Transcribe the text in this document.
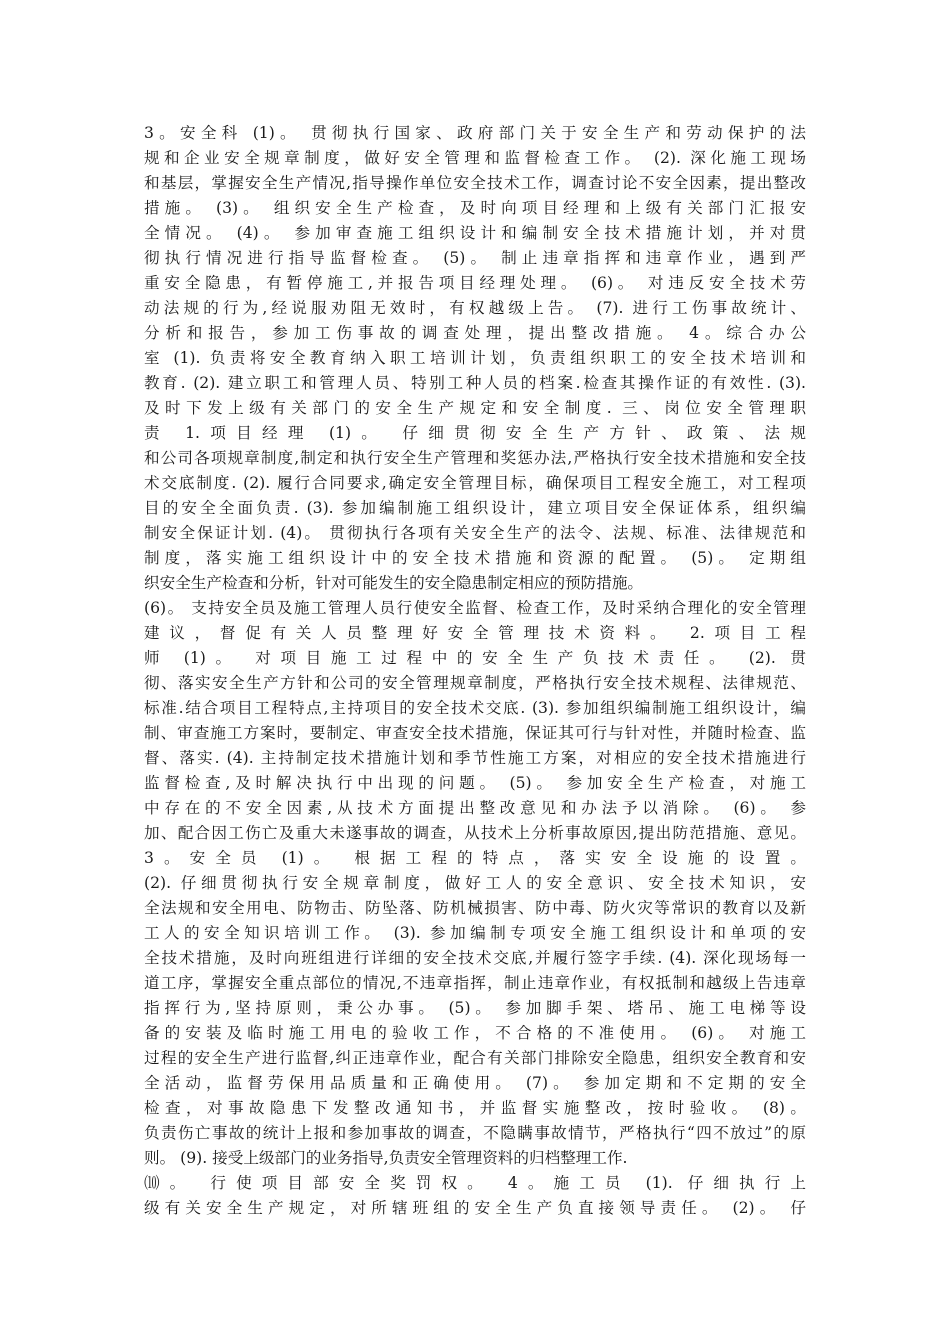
3。安全科 (1)。 贯彻执行国家、政府部门关于安全生产和劳动保护的法
规和企业安全规章制度，做好安全管理和监督检查工作。 (2). 深化施工现场
和基层，掌握安全生产情况,指导操作单位安全技术工作，调查讨论不安全因素，提出整改
措施。 (3)。 组织安全生产检查，及时向项目经理和上级有关部门汇报安
全情况。 (4)。 参加审查施工组织设计和编制安全技术措施计划，并对贯
彻执行情况进行指导监督检查。 (5)。 制止违章指挥和违章作业，遇到严
重安全隐患，有暂停施工,并报告项目经理处理。 (6)。 对违反安全技术劳
动法规的行为,经说服劝阻无效时，有权越级上告。 (7). 进行工伤事故统计、
分析和报告，参加工伤事故的调查处理，提出整改措施。 4。综合办公
室 (1). 负责将安全教育纳入职工培训计划，负责组织职工的安全技术培训和
教育. (2). 建立职工和管理人员、特别工种人员的档案.检查其操作证的有效性. (3).
及时下发上级有关部门的安全生产规定和安全制度. 三、岗位安全管理职
责 1.项目经理 (1)。 仔细贯彻安全生产方针、政策、法规
和公司各项规章制度,制定和执行安全生产管理和奖惩办法,严格执行安全技术措施和安全技
术交底制度. (2). 履行合同要求,确定安全管理目标，确保项目工程安全施工，对工程项
目的安全全面负责. (3). 参加编制施工组织设计，建立项目安全保证体系，组织编
制安全保证计划. (4)。 贯彻执行各项有关安全生产的法令、法规、标准、法律规范和
制度，落实施工组织设计中的安全技术措施和资源的配置。 (5)。 定期组
织安全生产检查和分析，针对可能发生的安全隐患制定相应的预防措施。
(6)。 支持安全员及施工管理人员行使安全监督、检查工作，及时采纳合理化的安全管理
建议，督促有关人员整理好安全管理技术资料。 2.项目工程
师 (1)。 对项目施工过程中的安全生产负技术责任。 (2). 贯
彻、落实安全生产方针和公司的安全管理规章制度，严格执行安全技术规程、法律规范、
标准.结合项目工程特点,主持项目的安全技术交底. (3). 参加组织编制施工组织设计，编
制、审查施工方案时，要制定、审查安全技术措施，保证其可行与针对性，并随时检查、监
督、落实. (4). 主持制定技术措施计划和季节性施工方案，对相应的安全技术措施进行
监督检查,及时解决执行中出现的问题。 (5)。 参加安全生产检查，对施工
中存在的不安全因素,从技术方面提出整改意见和办法予以消除。 (6)。 参
加、配合因工伤亡及重大未遂事故的调查，从技术上分析事故原因,提出防范措施、意见。
3。安全员 (1)。 根据工程的特点，落实安全设施的设置。
(2). 仔细贯彻执行安全规章制度，做好工人的安全意识、安全技术知识，安
全法规和安全用电、防物击、防坠落、防机械损害、防中毒、防火灾等常识的教育以及新
工人的安全知识培训工作。 (3). 参加编制专项安全施工组织设计和单项的安
全技术措施，及时向班组进行详细的安全技术交底,并履行签字手续. (4). 深化现场每一
道工序，掌握安全重点部位的情况,不违章指挥，制止违章作业，有权抵制和越级上告违章
指挥行为,坚持原则，秉公办事。 (5)。 参加脚手架、塔吊、施工电梯等设
备的安装及临时施工用电的验收工作，不合格的不准使用。 (6)。 对施工
过程的安全生产进行监督,纠正违章作业，配合有关部门排除安全隐患，组织安全教育和安
全活动，监督劳保用品质量和正确使用。 (7)。 参加定期和不定期的安全
检查，对事故隐患下发整改通知书，并监督实施整改，按时验收。 (8)。
负责伤亡事故的统计上报和参加事故的调查，不隐瞒事故情节，严格执行“四不放过”的原
则。 (9). 接受上级部门的业务指导,负责安全管理资料的归档整理工作.
⑽。 行使项目部安全奖罚权。 4。施工员 (1). 仔细执行上
级有关安全生产规定，对所辖班组的安全生产负直接领导责任。 (2)。 仔
